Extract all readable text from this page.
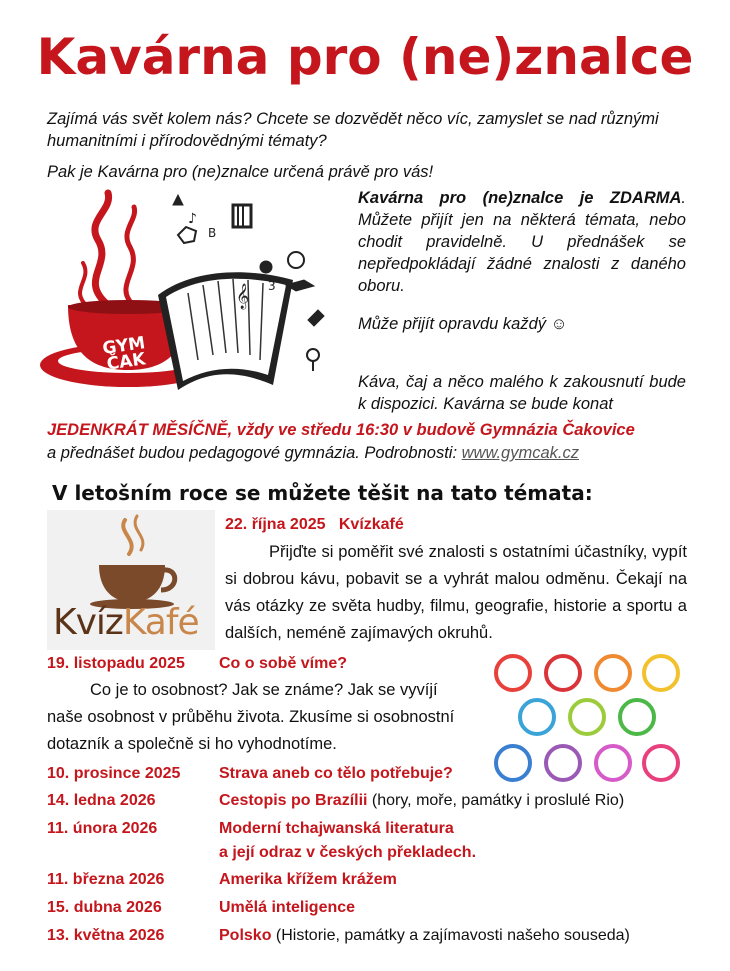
Kavárna pro (ne)znalce
Zajímá vás svět kolem nás? Chcete se dozvědět něco víc, zamyslet se nad různými
humanitními i přírodovědnými tématy?
Pak je Kavárna pro (ne)znalce určená právě pro vás!
B
3
𝄞
♪
GYM ČAK
Kavárna pro (ne)znalce je ZDARMA. Můžete přijít jen na některá témata, nebo chodit pravidelně. U přednášek se nepředpokládají žádné znalosti z daného oboru.
Může přijít opravdu každý ☺
Káva, čaj a něco malého k zakousnutí bude k dispozici. Kavárna se bude konat
JEDENKRÁT MĚSÍČNĚ, vždy ve středu 16:30 v budově Gymnázia Čakovice
a přednášet budou pedagogové gymnázia. Podrobnosti: www.gymcak.cz
V letošním roce se můžete těšit na tato témata:
KvízKafé
22. října 2025 Kvízkafé
Přijďte si poměřit své znalosti s ostatními účastníky, vypít si dobrou kávu, pobavit se a vyhrát malou odměnu. Čekají na vás otázky ze světa hudby, filmu, geografie, historie a sportu a dalších, neméně zajímavých okruhů.
19. listopadu 2025 Co o sobě víme?
Co je to osobnost? Jak se známe? Jak se vyvíjí
naše osobnost v průběhu života. Zkusíme si osobnostní
dotazník a společně si ho vyhodnotíme.
10. prosince 2025 Strava aneb co tělo potřebuje?
14. ledna 2026	Cestopis po Brazílii (hory, moře, památky i proslulé Rio)
11. února 2026	Moderní tchajwanská literatura
a její odraz v českých překladech.
11. března 2026	Amerika křížem krážem
15. dubna 2026	Umělá inteligence
13. května 2026	Polsko (Historie, památky a zajímavosti našeho souseda)
